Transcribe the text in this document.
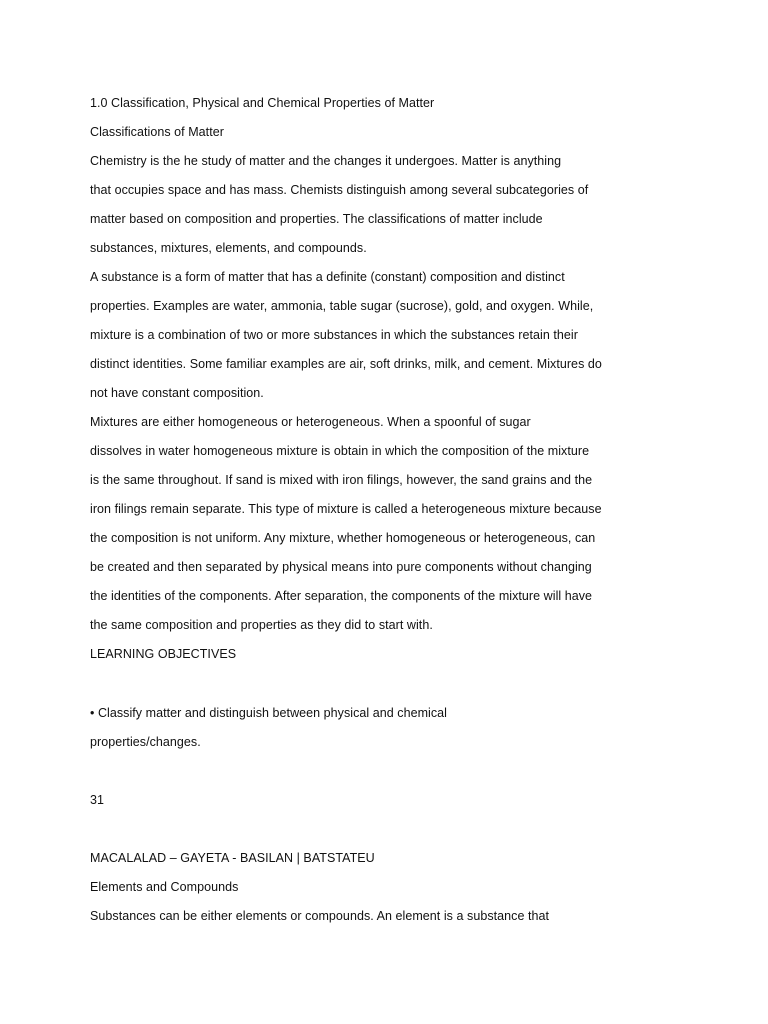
1.0 Classification, Physical and Chemical Properties of Matter
Classifications of Matter
Chemistry is the he study of matter and the changes it undergoes. Matter is anything
that occupies space and has mass. Chemists distinguish among several subcategories of
matter based on composition and properties. The classifications of matter include
substances, mixtures, elements, and compounds.
A substance is a form of matter that has a definite (constant) composition and distinct
properties. Examples are water, ammonia, table sugar (sucrose), gold, and oxygen. While,
mixture is a combination of two or more substances in which the substances retain their
distinct identities. Some familiar examples are air, soft drinks, milk, and cement. Mixtures do
not have constant composition.
Mixtures are either homogeneous or heterogeneous. When a spoonful of sugar
dissolves in water homogeneous mixture is obtain in which the composition of the mixture
is the same throughout. If sand is mixed with iron filings, however, the sand grains and the
iron filings remain separate. This type of mixture is called a heterogeneous mixture because
the composition is not uniform. Any mixture, whether homogeneous or heterogeneous, can
be created and then separated by physical means into pure components without changing
the identities of the components. After separation, the components of the mixture will have
the same composition and properties as they did to start with.
LEARNING OBJECTIVES
• Classify matter and distinguish between physical and chemical
properties/changes.
31
MACALALAD – GAYETA - BASILAN | BATSTATEU
Elements and Compounds
Substances can be either elements or compounds. An element is a substance that
